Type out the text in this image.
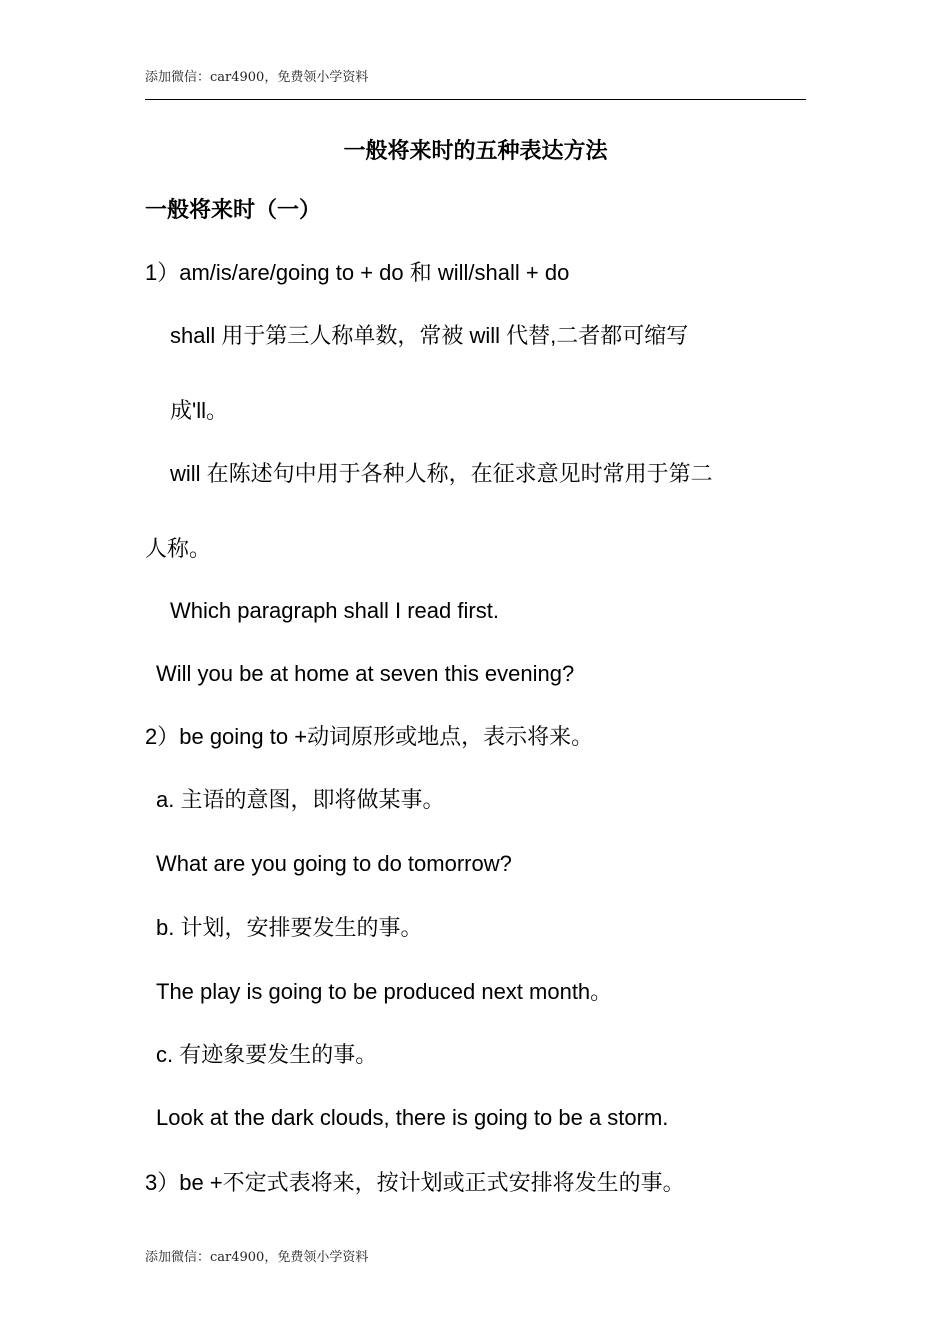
添加微信：car4900，免费领小学资料
一般将来时的五种表达方法
一般将来时（一）
1）am/is/are/going to + do 和 will/shall + do
shall 用于第三人称单数，常被 will 代替,二者都可缩写
成'll。
will 在陈述句中用于各种人称，在征求意见时常用于第二
人称。
Which paragraph shall I read first.
Will you be at home at seven this evening?
2）be going to +动词原形或地点，表示将来。
a. 主语的意图，即将做某事。
What are you going to do tomorrow?
b. 计划，安排要发生的事。
The play is going to be produced next month。
c. 有迹象要发生的事。
Look at the dark clouds, there is going to be a storm.
3）be +不定式表将来，按计划或正式安排将发生的事。
添加微信：car4900，免费领小学资料
